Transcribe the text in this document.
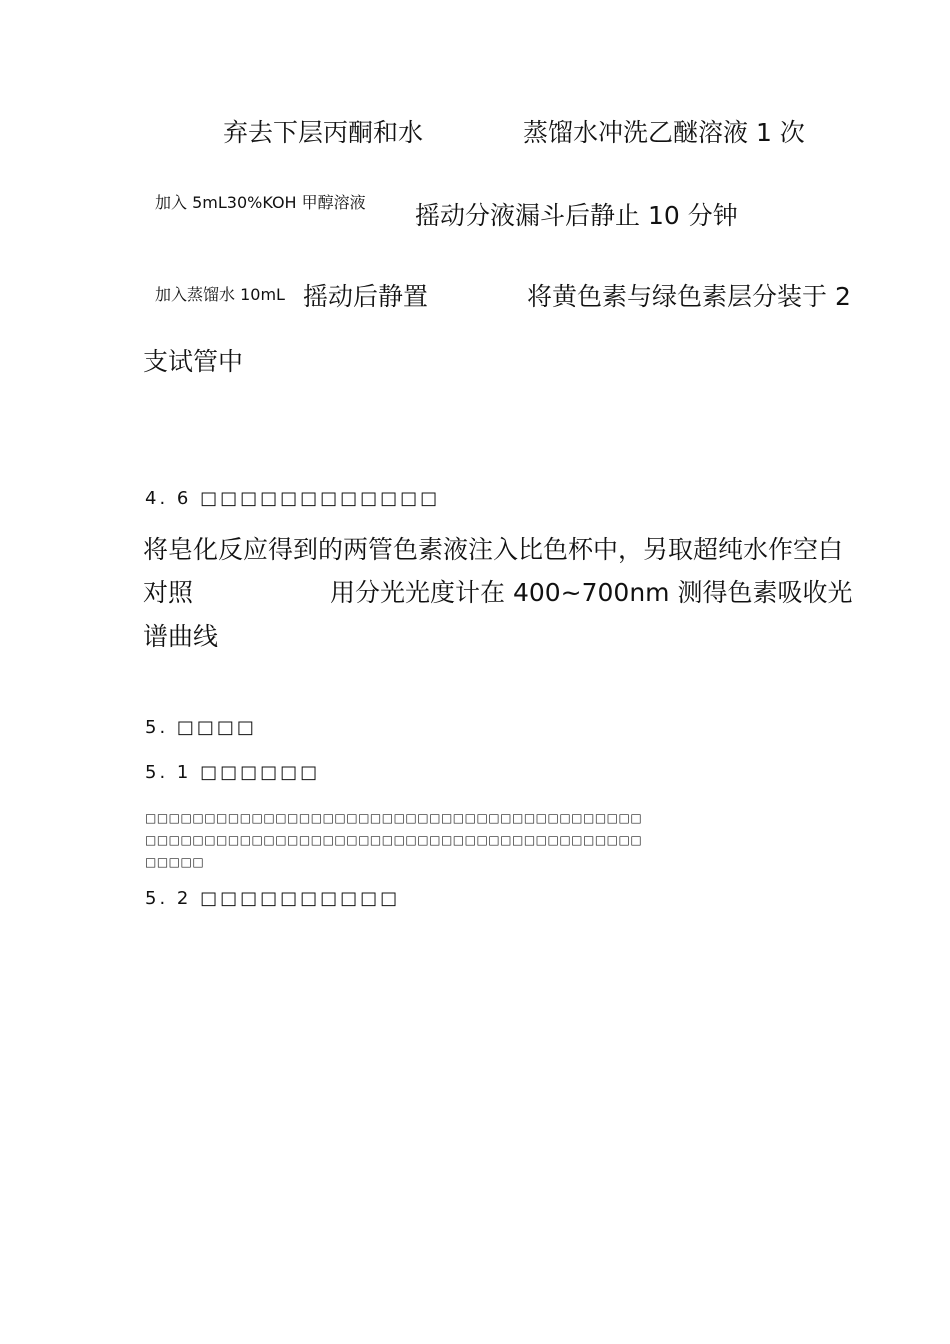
弃去下层丙酮和水	蒸馏水冲洗乙醚溶液 1 次
加入 5mL30%KOH 甲醇溶液 摇动分液漏斗后静止 10 分钟
加入蒸馏水 10mL 摇动后静置	将黄色素与绿色素层分装于 2
支试管中
4. 6 □□□□□□□□□□□□
将皂化反应得到的两管色素液注入比色杯中，另取超纯水作空白
对照	用分光光度计在 400~700nm 测得色素吸收光
谱曲线
5. □□□□
5. 1 □□□□□□
□□□□□□□□□□□□□□□□□□□□□□□□□□□□□□□□□□□□□□□□□□
□□□□□□□□□□□□□□□□□□□□□□□□□□□□□□□□□□□□□□□□□□
□□□□□
5. 2 □□□□□□□□□□
